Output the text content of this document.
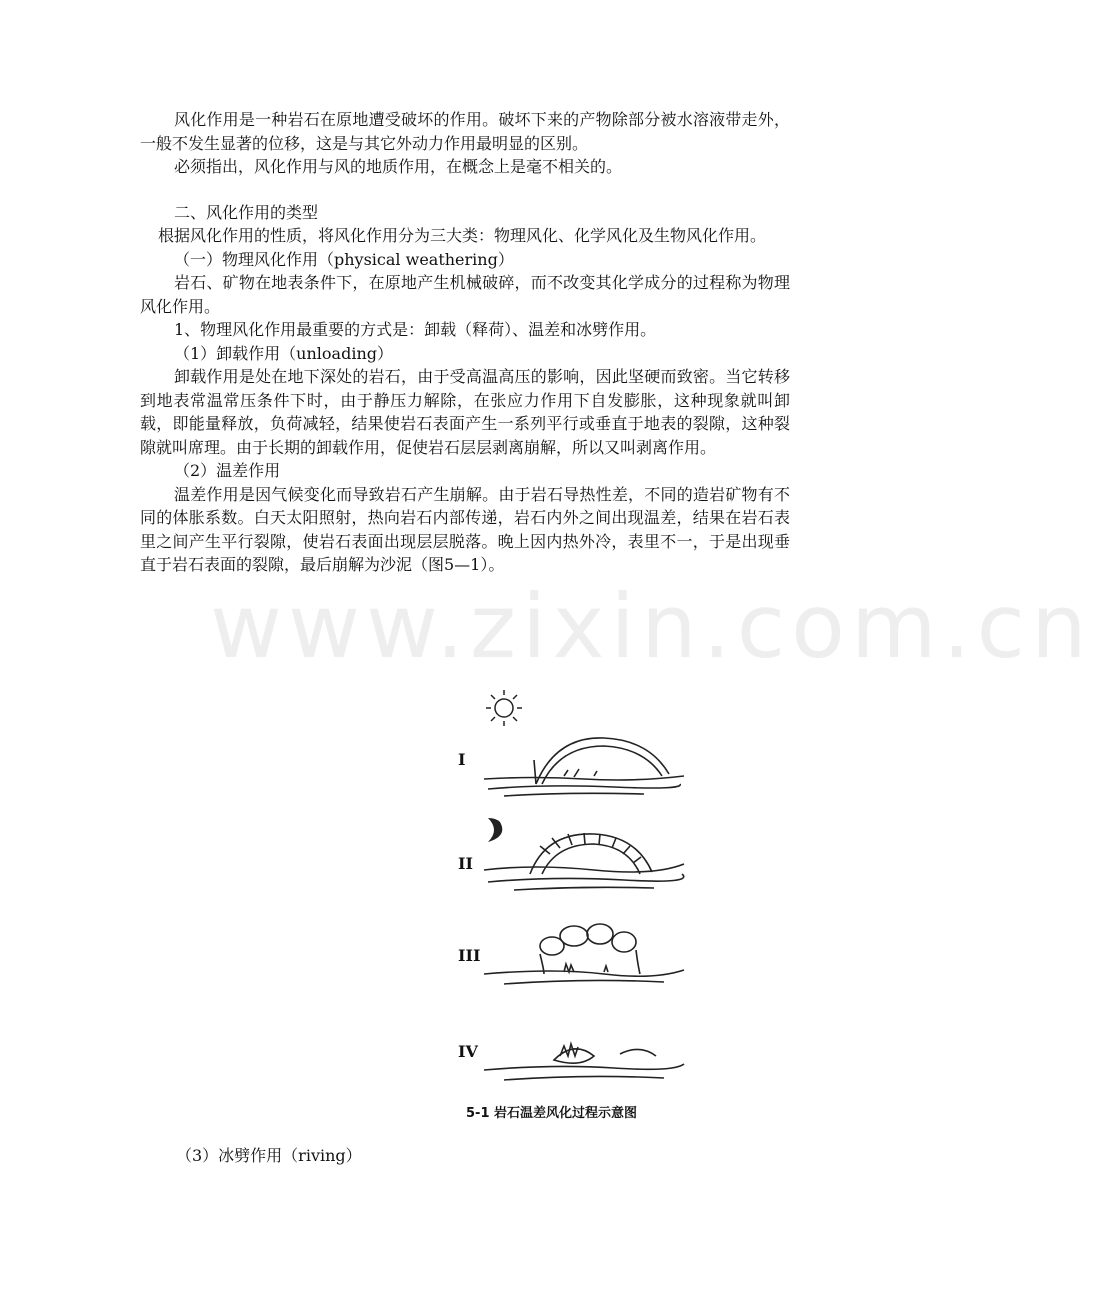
www.zixin.com.cn

风化作用是一种岩石在原地遭受破坏的作用。破坏下来的产物除部分被水溶液带走外，一般不发生显著的位移，这是与其它外动力作用最明显的区别。

必须指出，风化作用与风的地质作用，在概念上是毫不相关的。

二、风化作用的类型

根据风化作用的性质，将风化作用分为三大类：物理风化、化学风化及生物风化作用。

（一）物理风化作用（physical weathering）

岩石、矿物在地表条件下，在原地产生机械破碎，而不改变其化学成分的过程称为物理风化作用。

1、物理风化作用最重要的方式是：卸载（释荷）、温差和冰劈作用。

（1）卸载作用（unloading）

卸载作用是处在地下深处的岩石，由于受高温高压的影响，因此坚硬而致密。当它转移到地表常温常压条件下时，由于静压力解除，在张应力作用下自发膨胀，这种现象就叫卸载，即能量释放，负荷减轻，结果使岩石表面产生一系列平行或垂直于地表的裂隙，这种裂隙就叫席理。由于长期的卸载作用，促使岩石层层剥离崩解，所以又叫剥离作用。

（2）温差作用

温差作用是因气候变化而导致岩石产生崩解。由于岩石导热性差，不同的造岩矿物有不同的体胀系数。白天太阳照射，热向岩石内部传递，岩石内外之间出现温差，结果在岩石表里之间产生平行裂隙，使岩石表面出现层层脱落。晚上因内热外冷，表里不一，于是出现垂直于岩石表面的裂隙，最后崩解为沙泥（图5—1）。

I
II
III
IV
5-1 岩石温差风化过程示意图

（3）冰劈作用（riving）
